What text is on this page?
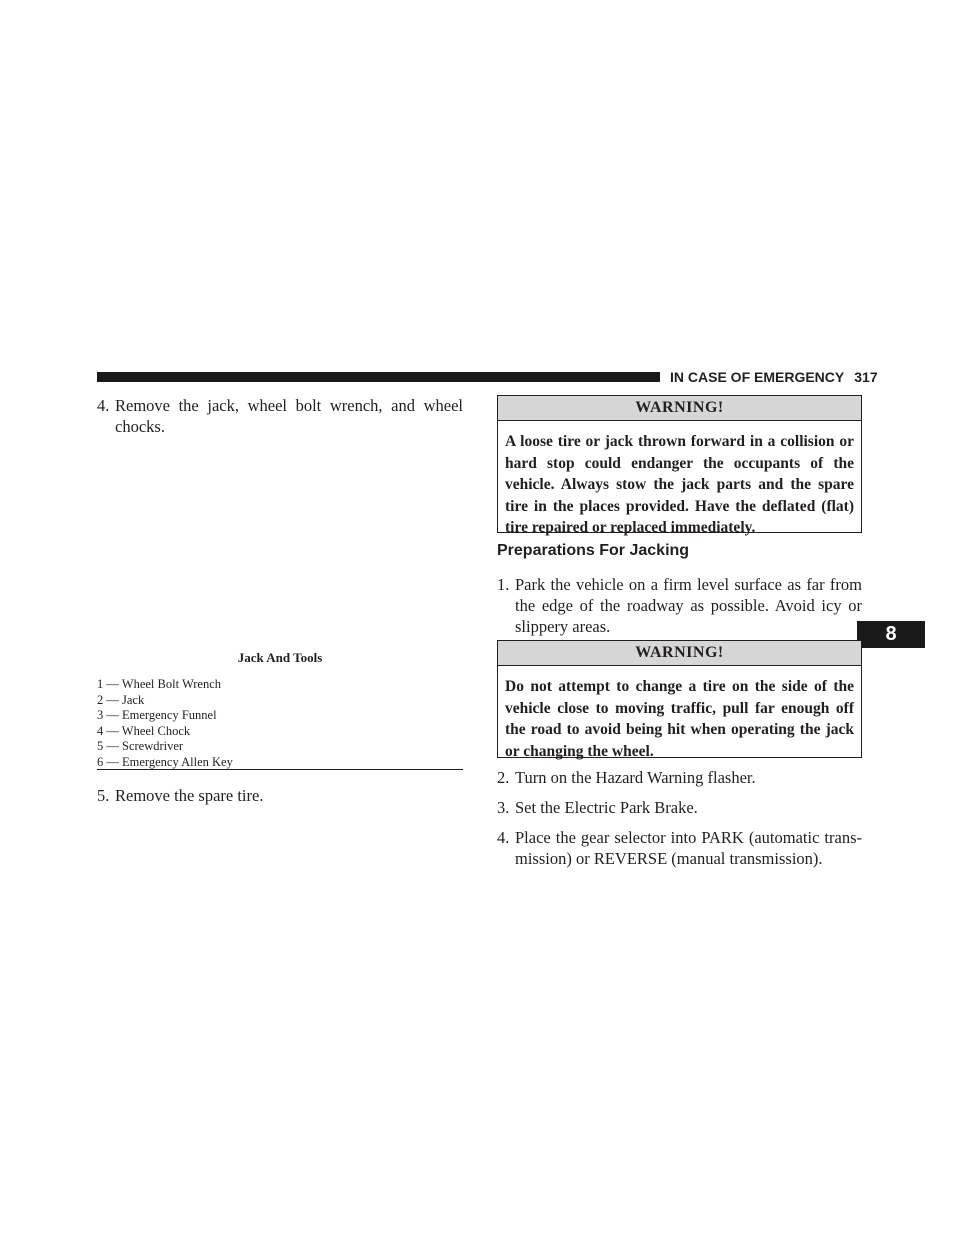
IN CASE OF EMERGENCY 317
8
4. Remove the jack, wheel bolt wrench, and wheel chocks.
Jack And Tools
1 — Wheel Bolt Wrench
2 — Jack
3 — Emergency Funnel
4 — Wheel Chock
5 — Screwdriver
6 — Emergency Allen Key
5. Remove the spare tire.
WARNING!
A loose tire or jack thrown forward in a collision or hard stop could endanger the occupants of the vehicle. Always stow the jack parts and the spare tire in the places provided. Have the deflated (flat) tire repaired or replaced immediately.
Preparations For Jacking
1. Park the vehicle on a firm level surface as far from the edge of the roadway as possible. Avoid icy or slippery areas.
WARNING!
Do not attempt to change a tire on the side of the vehicle close to moving traffic, pull far enough off the road to avoid being hit when operating the jack or changing the wheel.
2. Turn on the Hazard Warning flasher.
3. Set the Electric Park Brake.
4. Place the gear selector into PARK (automatic trans-mission) or REVERSE (manual transmission).
